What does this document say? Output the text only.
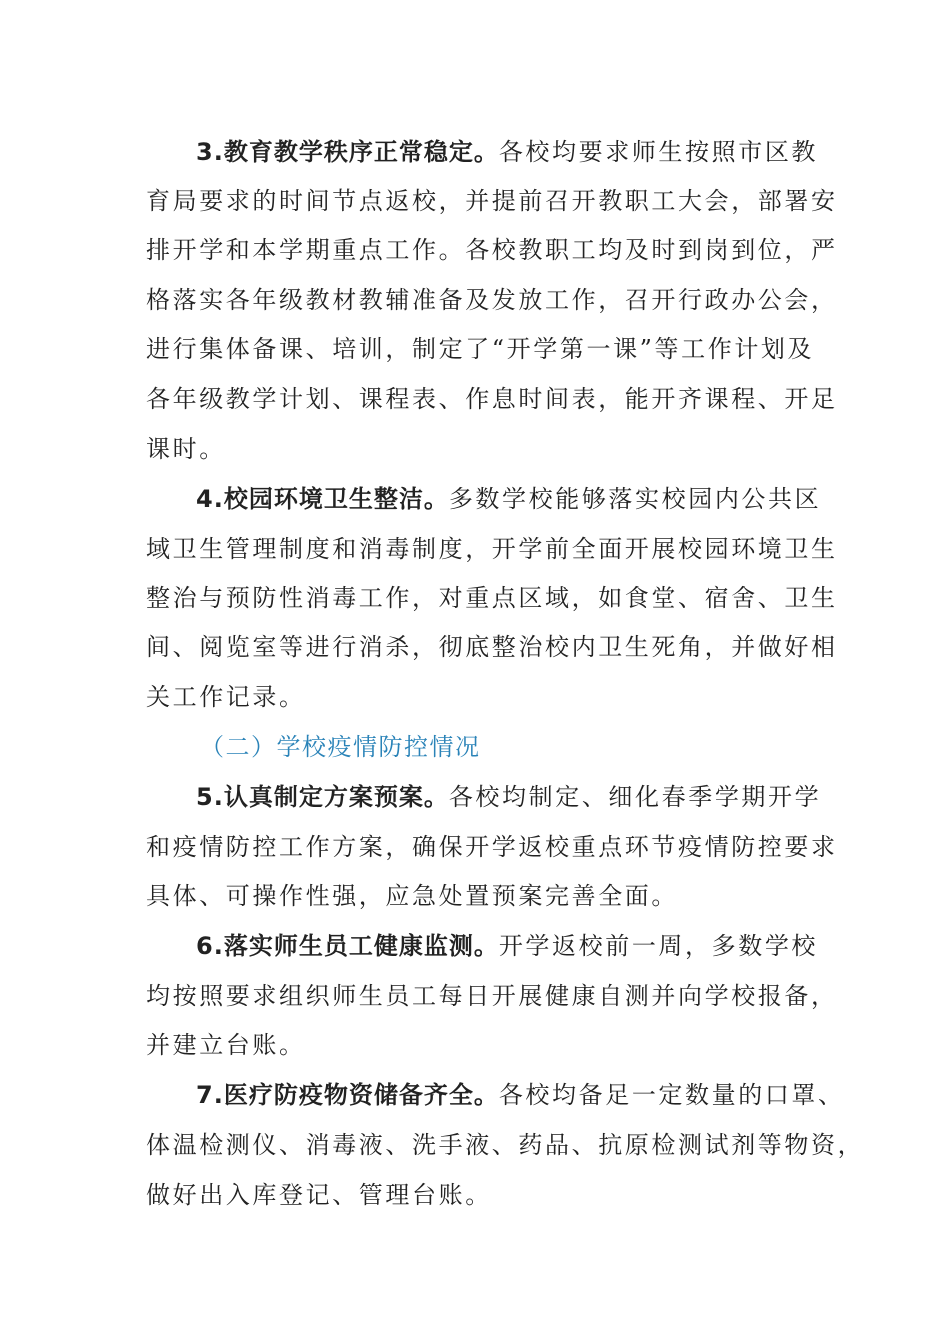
3.教育教学秩序正常稳定。各校均要求师生按照市区教
育局要求的时间节点返校，并提前召开教职工大会，部署安
排开学和本学期重点工作。各校教职工均及时到岗到位，严
格落实各年级教材教辅准备及发放工作，召开行政办公会，
进行集体备课、培训，制定了“开学第一课”等工作计划及
各年级教学计划、课程表、作息时间表，能开齐课程、开足
课时。
4.校园环境卫生整洁。多数学校能够落实校园内公共区
域卫生管理制度和消毒制度，开学前全面开展校园环境卫生
整治与预防性消毒工作，对重点区域，如食堂、宿舍、卫生
间、阅览室等进行消杀，彻底整治校内卫生死角，并做好相
关工作记录。
（二）学校疫情防控情况
5.认真制定方案预案。各校均制定、细化春季学期开学
和疫情防控工作方案，确保开学返校重点环节疫情防控要求
具体、可操作性强，应急处置预案完善全面。
6.落实师生员工健康监测。开学返校前一周，多数学校
均按照要求组织师生员工每日开展健康自测并向学校报备，
并建立台账。
7.医疗防疫物资储备齐全。各校均备足一定数量的口罩、
体温检测仪、消毒液、洗手液、药品、抗原检测试剂等物资，
做好出入库登记、管理台账。
